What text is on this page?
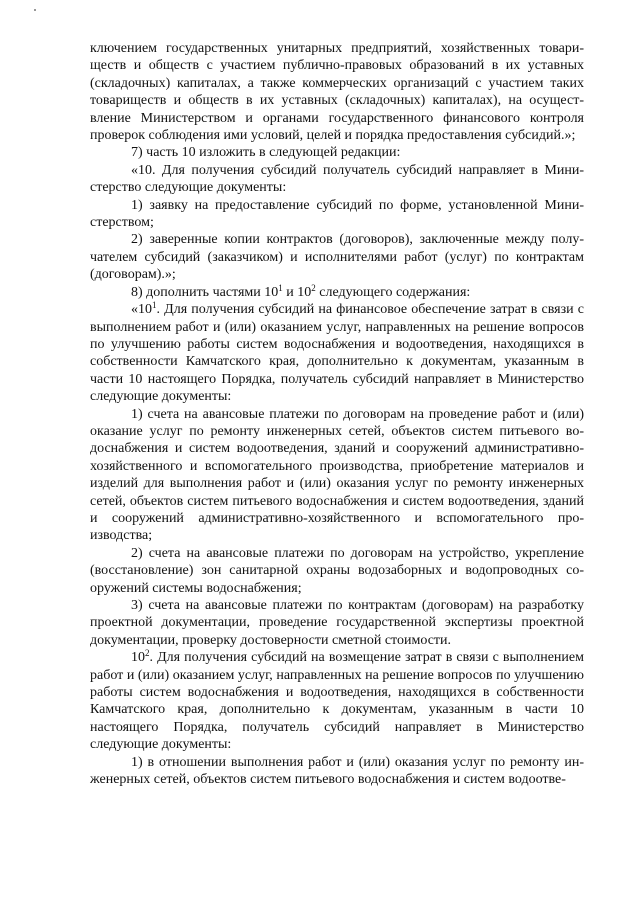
ключением государственных унитарных предприятий, хозяйственных товариществ и обществ с участием публично-правовых образований в их уставных (складочных) капиталах, а также коммерческих организаций с участием таких товариществ и обществ в их уставных (складочных) капиталах), на осуществление Министерством и органами государственного финансового контроля проверок соблюдения ими условий, целей и порядка предоставления субсидий.»;

7) часть 10 изложить в следующей редакции:

«10. Для получения субсидий получатель субсидий направляет в Министерство следующие документы:

1) заявку на предоставление субсидий по форме, установленной Министерством;

2) заверенные копии контрактов (договоров), заключенные между получателем субсидий (заказчиком) и исполнителями работ (услуг) по контрактам (договорам).»;

8) дополнить частями $10^1$ и $10^2$ следующего содержания:

«$10^1$. Для получения субсидий на финансовое обеспечение затрат в связи с выполнением работ и (или) оказанием услуг, направленных на решение вопросов по улучшению работы систем водоснабжения и водоотведения, находящихся в собственности Камчатского края, дополнительно к документам, указанным в части 10 настоящего Порядка, получатель субсидий направляет в Министерство следующие документы:

1) счета на авансовые платежи по договорам на проведение работ и (или) оказание услуг по ремонту инженерных сетей, объектов систем питьевого водоснабжения и систем водоотведения, зданий и сооружений административно-хозяйственного и вспомогательного производства, приобретение материалов и изделий для выполнения работ и (или) оказания услуг по ремонту инженерных сетей, объектов систем питьевого водоснабжения и систем водоотведения, зданий и сооружений административно-хозяйственного и вспомогательного производства;

2) счета на авансовые платежи по договорам на устройство, укрепление (восстановление) зон санитарной охраны водозаборных и водопроводных сооружений системы водоснабжения;

3) счета на авансовые платежи по контрактам (договорам) на разработку проектной документации, проведение государственной экспертизы проектной документации, проверку достоверности сметной стоимости.

$10^2$. Для получения субсидий на возмещение затрат в связи с выполнением работ и (или) оказанием услуг, направленных на решение вопросов по улучшению работы систем водоснабжения и водоотведения, находящихся в собственности Камчатского края, дополнительно к документам, указанным в части 10 настоящего Порядка, получатель субсидий направляет в Министерство следующие документы:

1) в отношении выполнения работ и (или) оказания услуг по ремонту инженерных сетей, объектов систем питьевого водоснабжения и систем водоотве-
